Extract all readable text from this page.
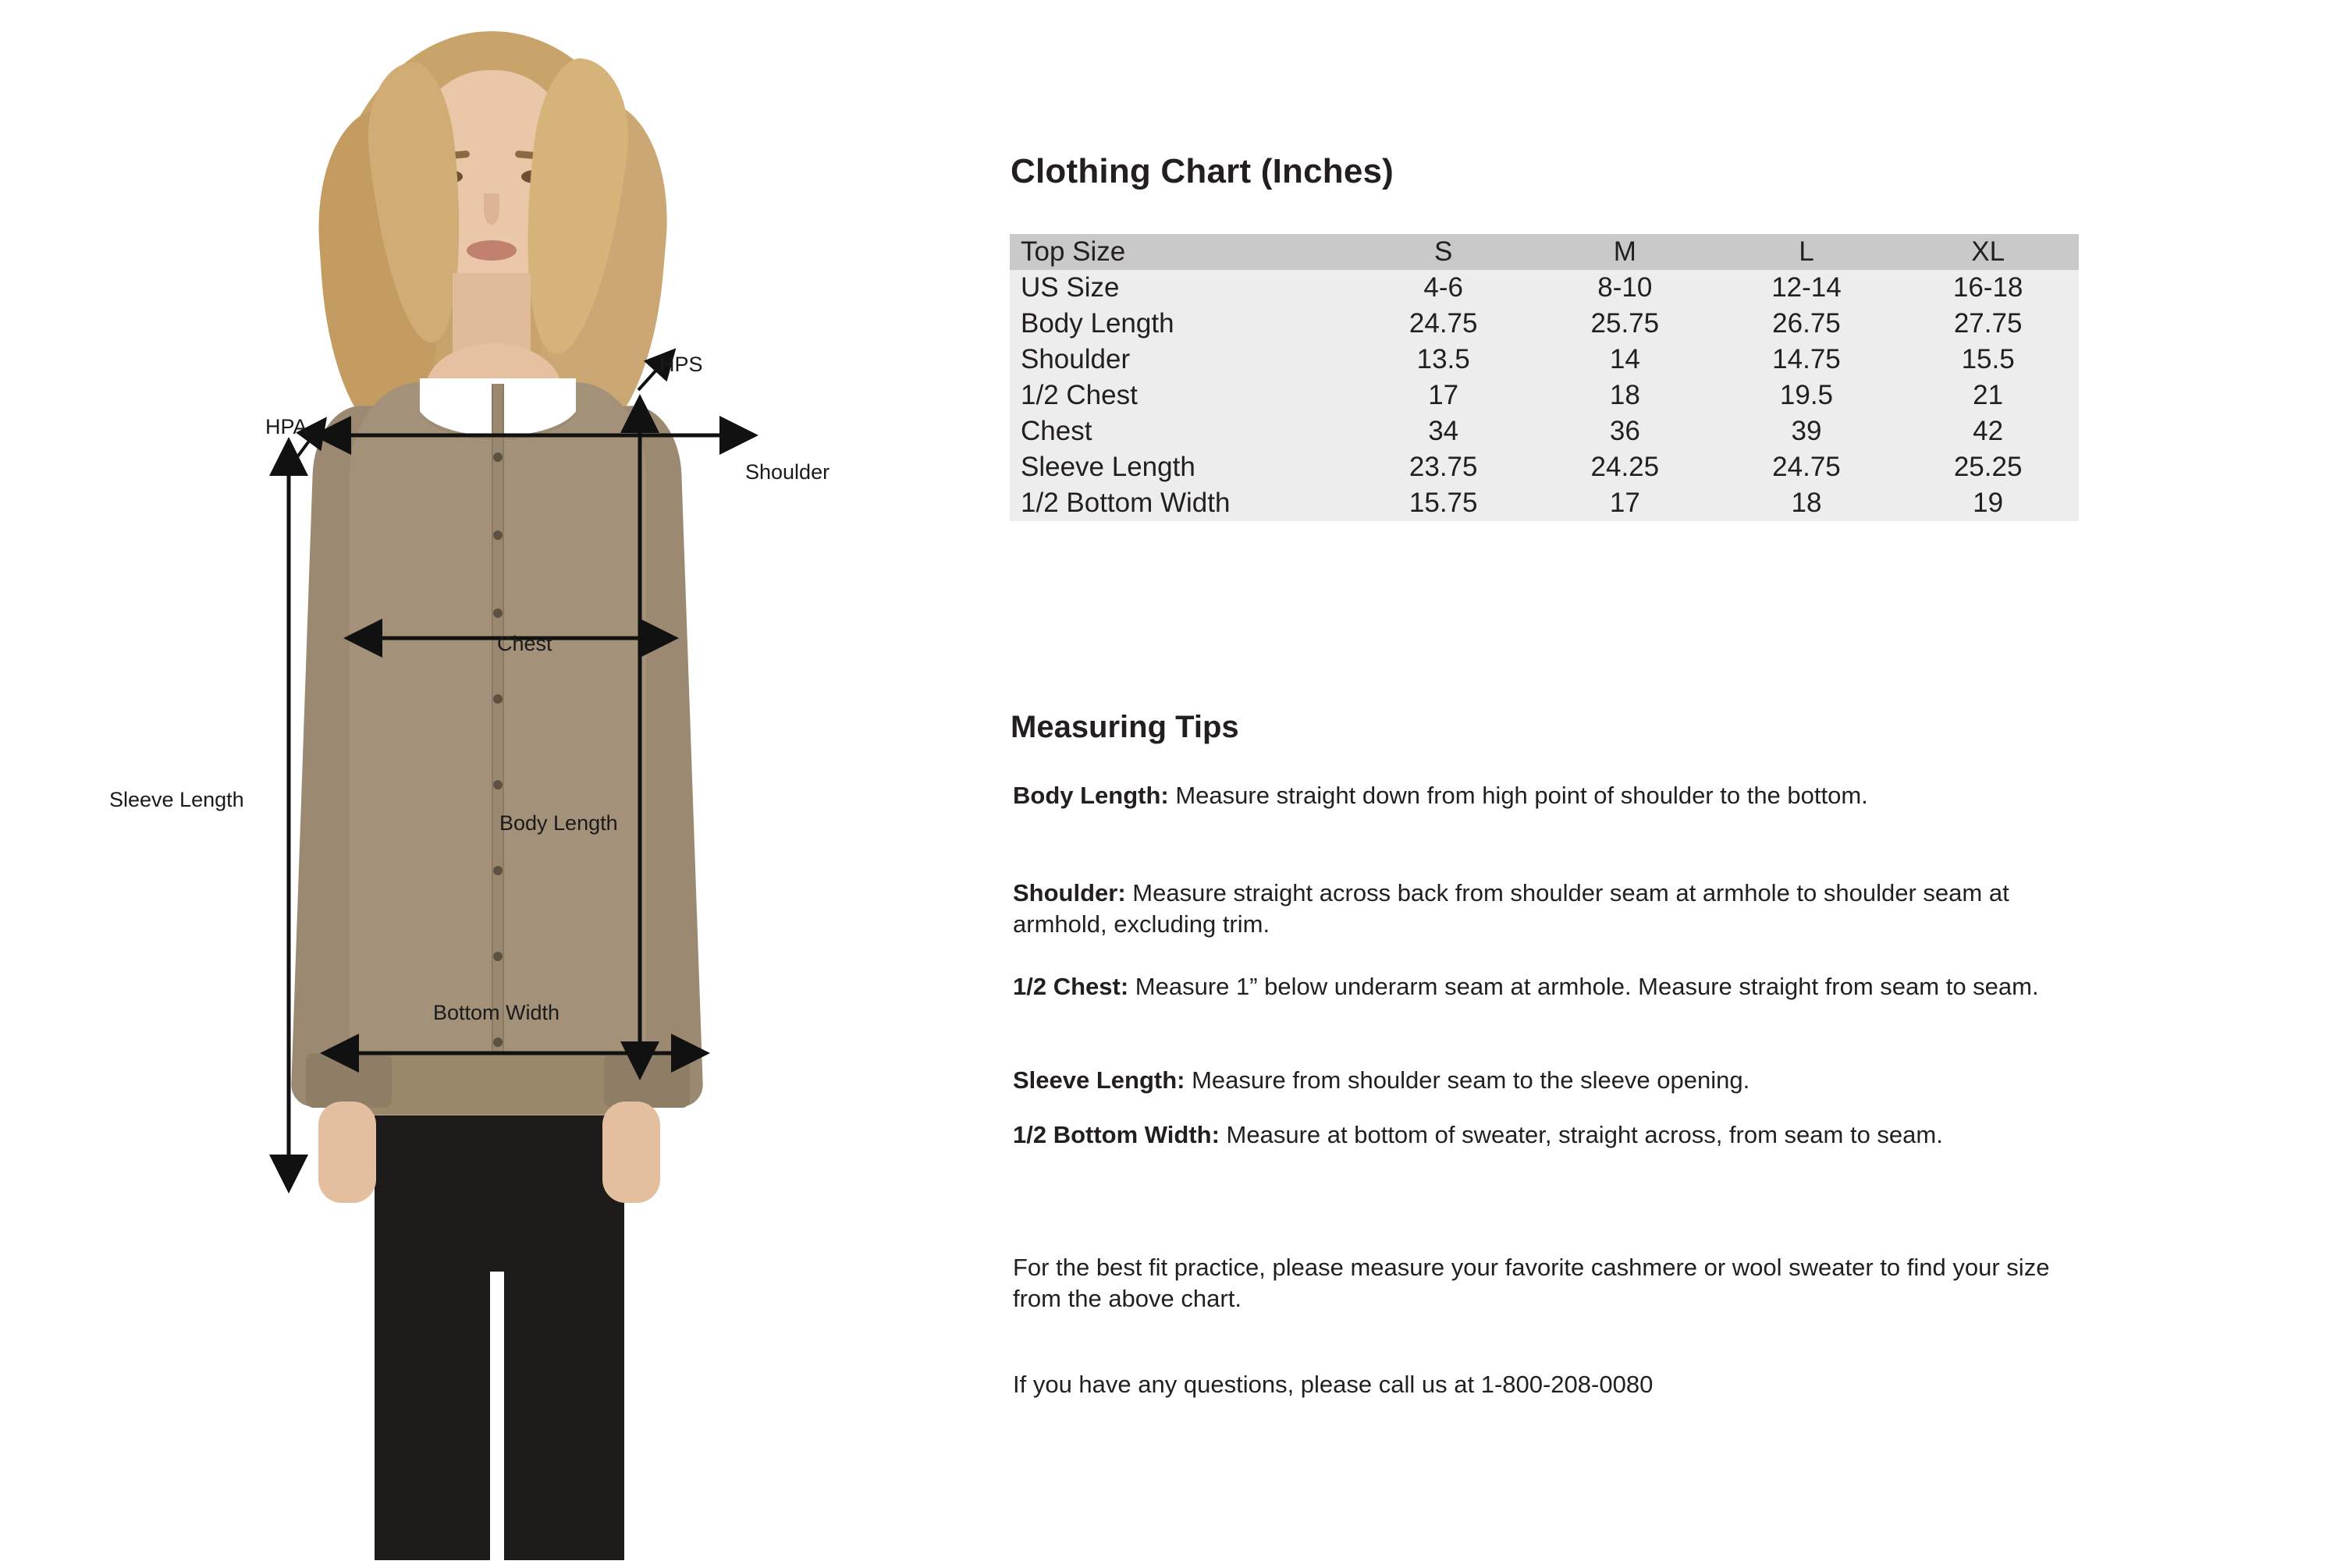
HPS
HPA
Shoulder
Chest
Sleeve Length
Body Length
Bottom Width
Clothing Chart (Inches)
Top Size	S	M	L	XL
US Size	4-6	8-10	12-14	16-18
Body Length	24.75	25.75	26.75	27.75
Shoulder	13.5	14	14.75	15.5
1/2 Chest	17	18	19.5	21
Chest	34	36	39	42
Sleeve Length	23.75	24.25	24.75	25.25
1/2 Bottom Width	15.75	17	18	19
Measuring Tips
Body Length: Measure straight down from high point of shoulder to the bottom.
Shoulder: Measure straight across back from shoulder seam at armhole to shoulder seam at armhold, excluding trim.
1/2 Chest: Measure 1” below underarm seam at armhole. Measure straight from seam to seam.
Sleeve Length: Measure from shoulder seam to the sleeve opening.
1/2 Bottom Width: Measure at bottom of sweater, straight across, from seam to seam.
For the best fit practice, please measure your favorite cashmere or wool sweater to find your size from the above chart.
If you have any questions, please call us at 1-800-208-0080
